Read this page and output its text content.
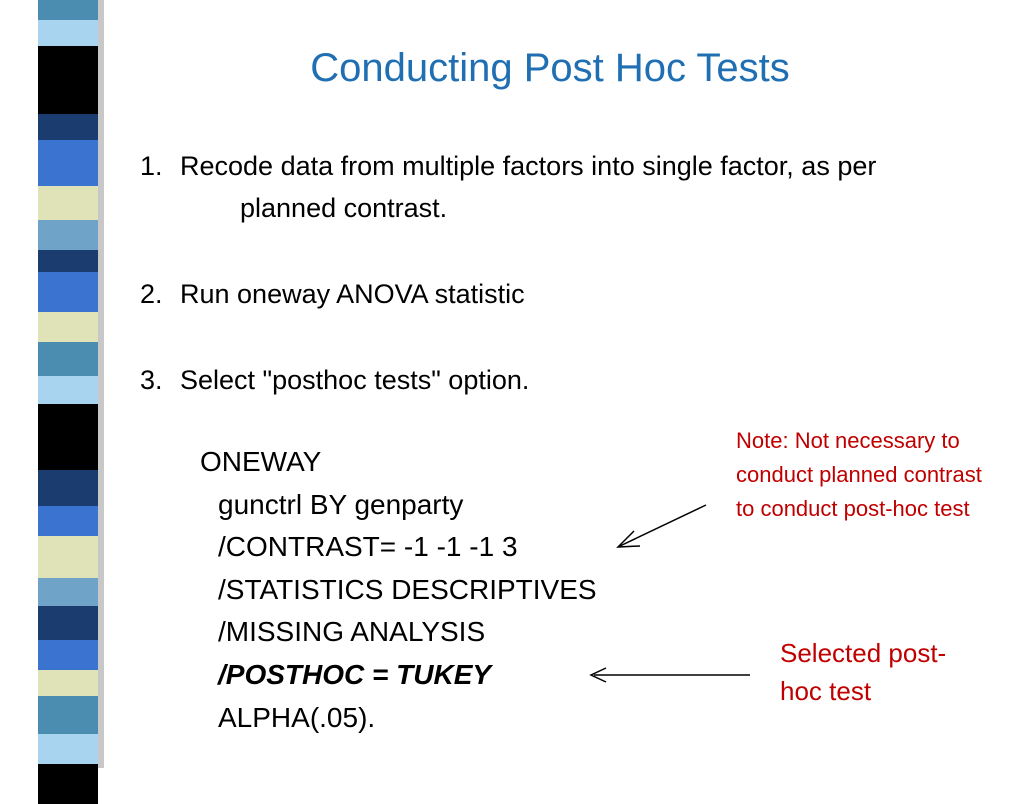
Conducting Post Hoc Tests
1. Recode data from multiple factors into single factor, as per
planned contrast.
2. Run oneway ANOVA statistic
3. Select "posthoc tests" option.
ONEWAY
gunctrl BY genparty
/CONTRAST= -1 -1 -1 3
/STATISTICS DESCRIPTIVES
/MISSING ANALYSIS
/POSTHOC = TUKEY
ALPHA(.05).
Note: Not necessary to
conduct planned contrast
to conduct post-hoc test
Selected post-
hoc test
